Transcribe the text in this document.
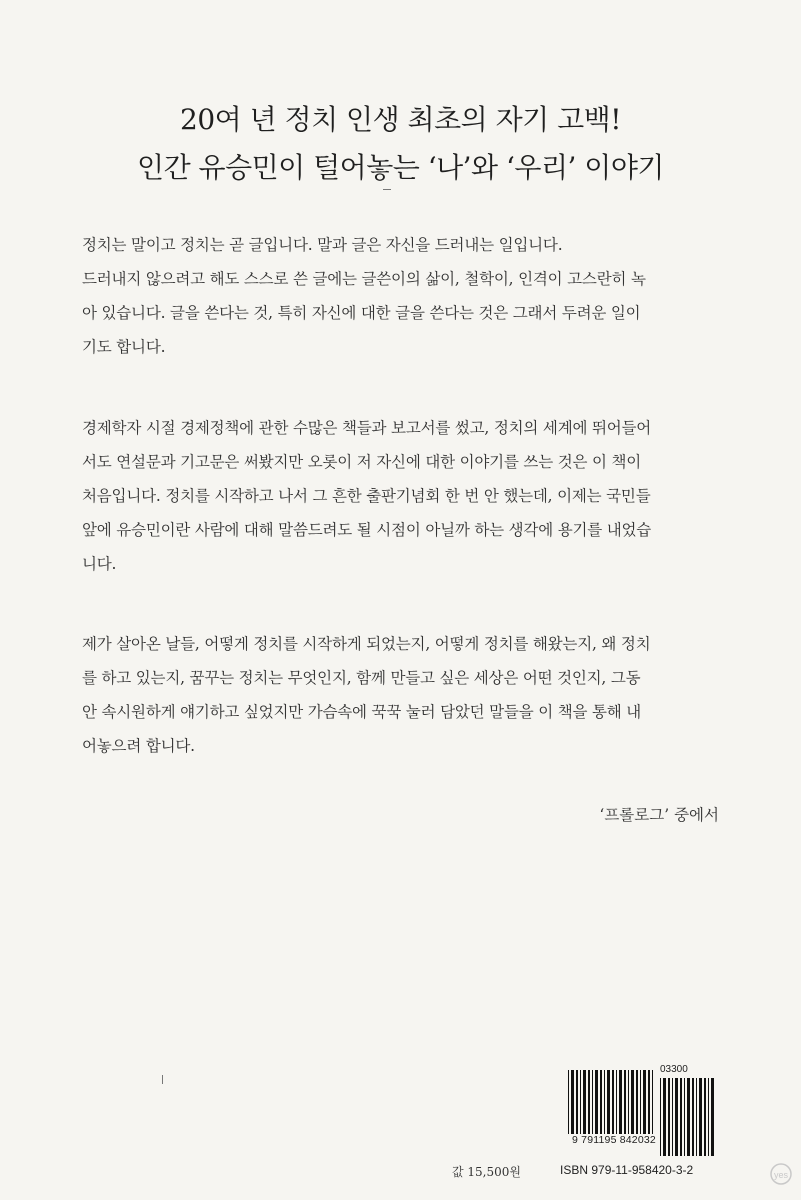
20여 년 정치 인생 최초의 자기 고백!
인간 유승민이 털어놓는 ‘나’와 ‘우리’ 이야기
정치는 말이고 정치는 곧 글입니다. 말과 글은 자신을 드러내는 일입니다.
드러내지 않으려고 해도 스스로 쓴 글에는 글쓴이의 삶이, 철학이, 인격이 고스란히 녹
아 있습니다. 글을 쓴다는 것, 특히 자신에 대한 글을 쓴다는 것은 그래서 두려운 일이
기도 합니다.
경제학자 시절 경제정책에 관한 수많은 책들과 보고서를 썼고, 정치의 세계에 뛰어들어
서도 연설문과 기고문은 써봤지만 오롯이 저 자신에 대한 이야기를 쓰는 것은 이 책이
처음입니다. 정치를 시작하고 나서 그 흔한 출판기념회 한 번 안 했는데, 이제는 국민들
앞에 유승민이란 사람에 대해 말씀드려도 될 시점이 아닐까 하는 생각에 용기를 내었습
니다.
제가 살아온 날들, 어떻게 정치를 시작하게 되었는지, 어떻게 정치를 해왔는지, 왜 정치
를 하고 있는지, 꿈꾸는 정치는 무엇인지, 함께 만들고 싶은 세상은 어떤 것인지, 그동
안 속시원하게 얘기하고 싶었지만 가슴속에 꾹꾹 눌러 담았던 말들을 이 책을 통해 내
어놓으려 합니다.
‘프롤로그’ 중에서
값 15,500원
03300
9 791195 842032
ISBN 979-11-958420-3-2	yes
